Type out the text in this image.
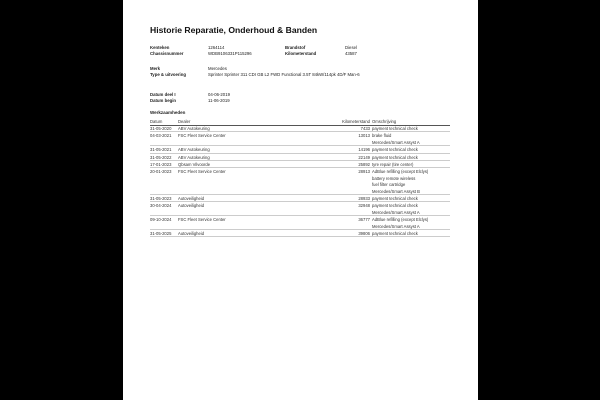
Historie Reparatie, Onderhoud & Banden
Kenteken	1264114	Brandstof	Diesel
Chassisnummer	WDB9106331P115296	Kilometerstand	43587
Merk	Mercedes
Type & uitvoering	Sprinter Sprinter 311 CDI GB L2 FWD Functional 3.5T 84kW/114pk 4D/F Man-6
Datum deel I	04-06-2019
Datum begin	11-06-2019
Werkzaamheden
Datum	Dealer	Kilometerstand Omschrijving
31-05-2020 ABV Autokeuring	7433 payment technical check
04-03-2021 FSC Fleet Service Center	13013 brake fluid
Mercedes/Smart Assyst A
31-05-2021 ABV Autokeuring	14196 payment technical check
31-05-2022 ABV Autokeuring	22149 payment technical check
17-01-2023 Qbsam Vilvoorde	25892 tyre repair (tire center)
20-01-2023 FSC Fleet Service Center	28913 AdBlue refilling (except Elclys)
battery remote wireless
fuel filter cartridge
Mercedes/Smart Assyst B
31-05-2023 Autoveiligheid	28933 payment technical check
30-04-2024 Autoveiligheid	32948 payment technical check
Mercedes/Smart Assyst A
09-10-2024 FSC Fleet Service Center	36777 AdBlue refilling (except Elclys)
Mercedes/Smart Assyst A
31-05-2025 Autoveiligheid	39806 payment technical check
